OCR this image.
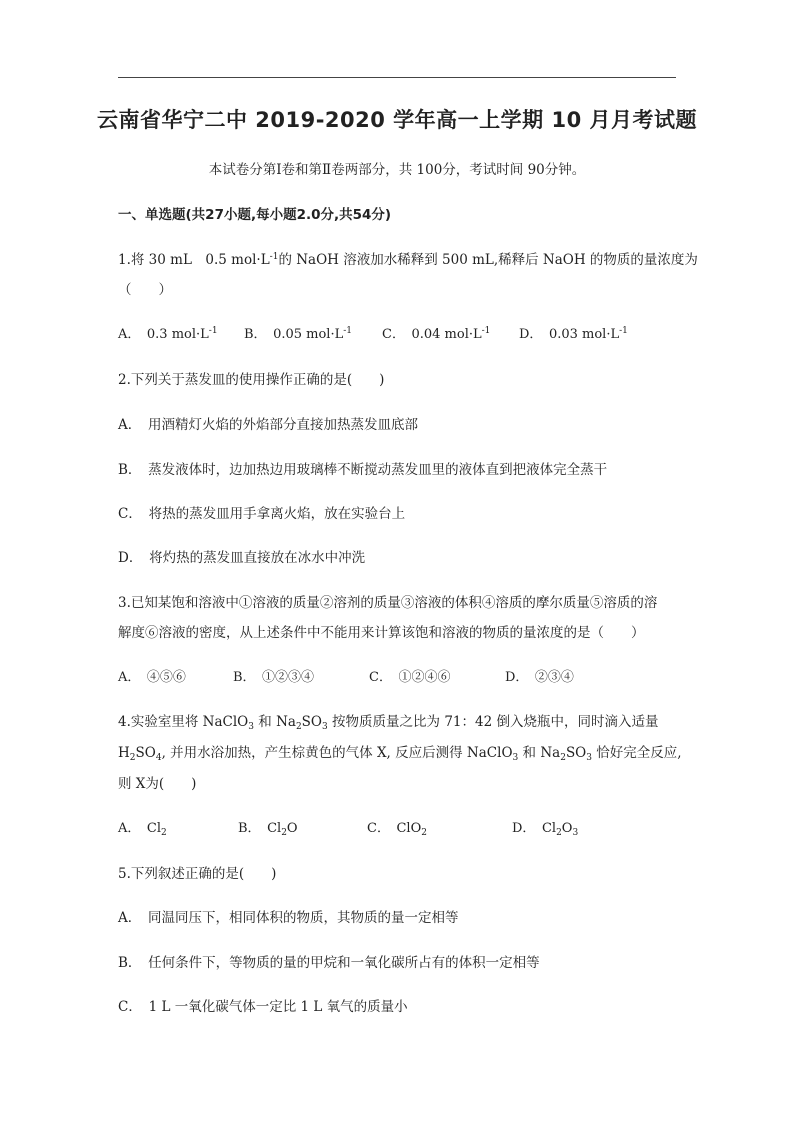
云南省华宁二中 2019-2020 学年高一上学期 10 月月考试题
本试卷分第Ⅰ卷和第Ⅱ卷两部分，共 100分，考试时间 90分钟。
一、单选题(共27小题,每小题2.0分,共54分)
1.将 30 mL　0.5 $mol\cdot L^{-1}$的 NaOH 溶液加水稀释到 500 mL,稀释后 NaOH 的物质的量浓度为
（　　）
A．　 0.3 $mol\cdot L^{-1}$ B．　 0.05 $mol\cdot L^{-1}$ C．　 0.04 $mol\cdot L^{-1}$ D．　 0.03 $mol\cdot L^{-1}$
2.下列关于蒸发皿的使用操作正确的是(　　)
A．　用酒精灯火焰的外焰部分直接加热蒸发皿底部
B．　蒸发液体时，边加热边用玻璃棒不断搅动蒸发皿里的液体直到把液体完全蒸干
C．　将热的蒸发皿用手拿离火焰，放在实验台上
D．　将灼热的蒸发皿直接放在冰水中冲洗
3.已知某饱和溶液中①溶液的质量②溶剂的质量③溶液的体积④溶质的摩尔质量⑤溶质的溶
解度⑥溶液的密度，从上述条件中不能用来计算该饱和溶液的物质的量浓度的是（　　）
A．　④⑤⑥	B．　①②③④	C．　①②④⑥	D．　②③④
4.实验室里将 NaClO$_3$ 和 $Na_2SO_3$ 按物质质量之比为 71：42 倒入烧瓶中，同时滴入适量
$H_2SO_4$, 并用水浴加热，产生棕黄色的气体 X, 反应后测得 NaClO$_3$ 和 $Na_2SO_3$ 恰好完全反应,
则 X为(　　)
A．　 $Cl_2$	B．　 $Cl_2O$	C．　 ClO$_2$	D．　 $Cl_2O_3$
5.下列叙述正确的是(　　)
A．　同温同压下，相同体积的物质，其物质的量一定相等
B．　任何条件下，等物质的量的甲烷和一氧化碳所占有的体积一定相等
C．　1 L 一氧化碳气体一定比 1 L 氧气的质量小
